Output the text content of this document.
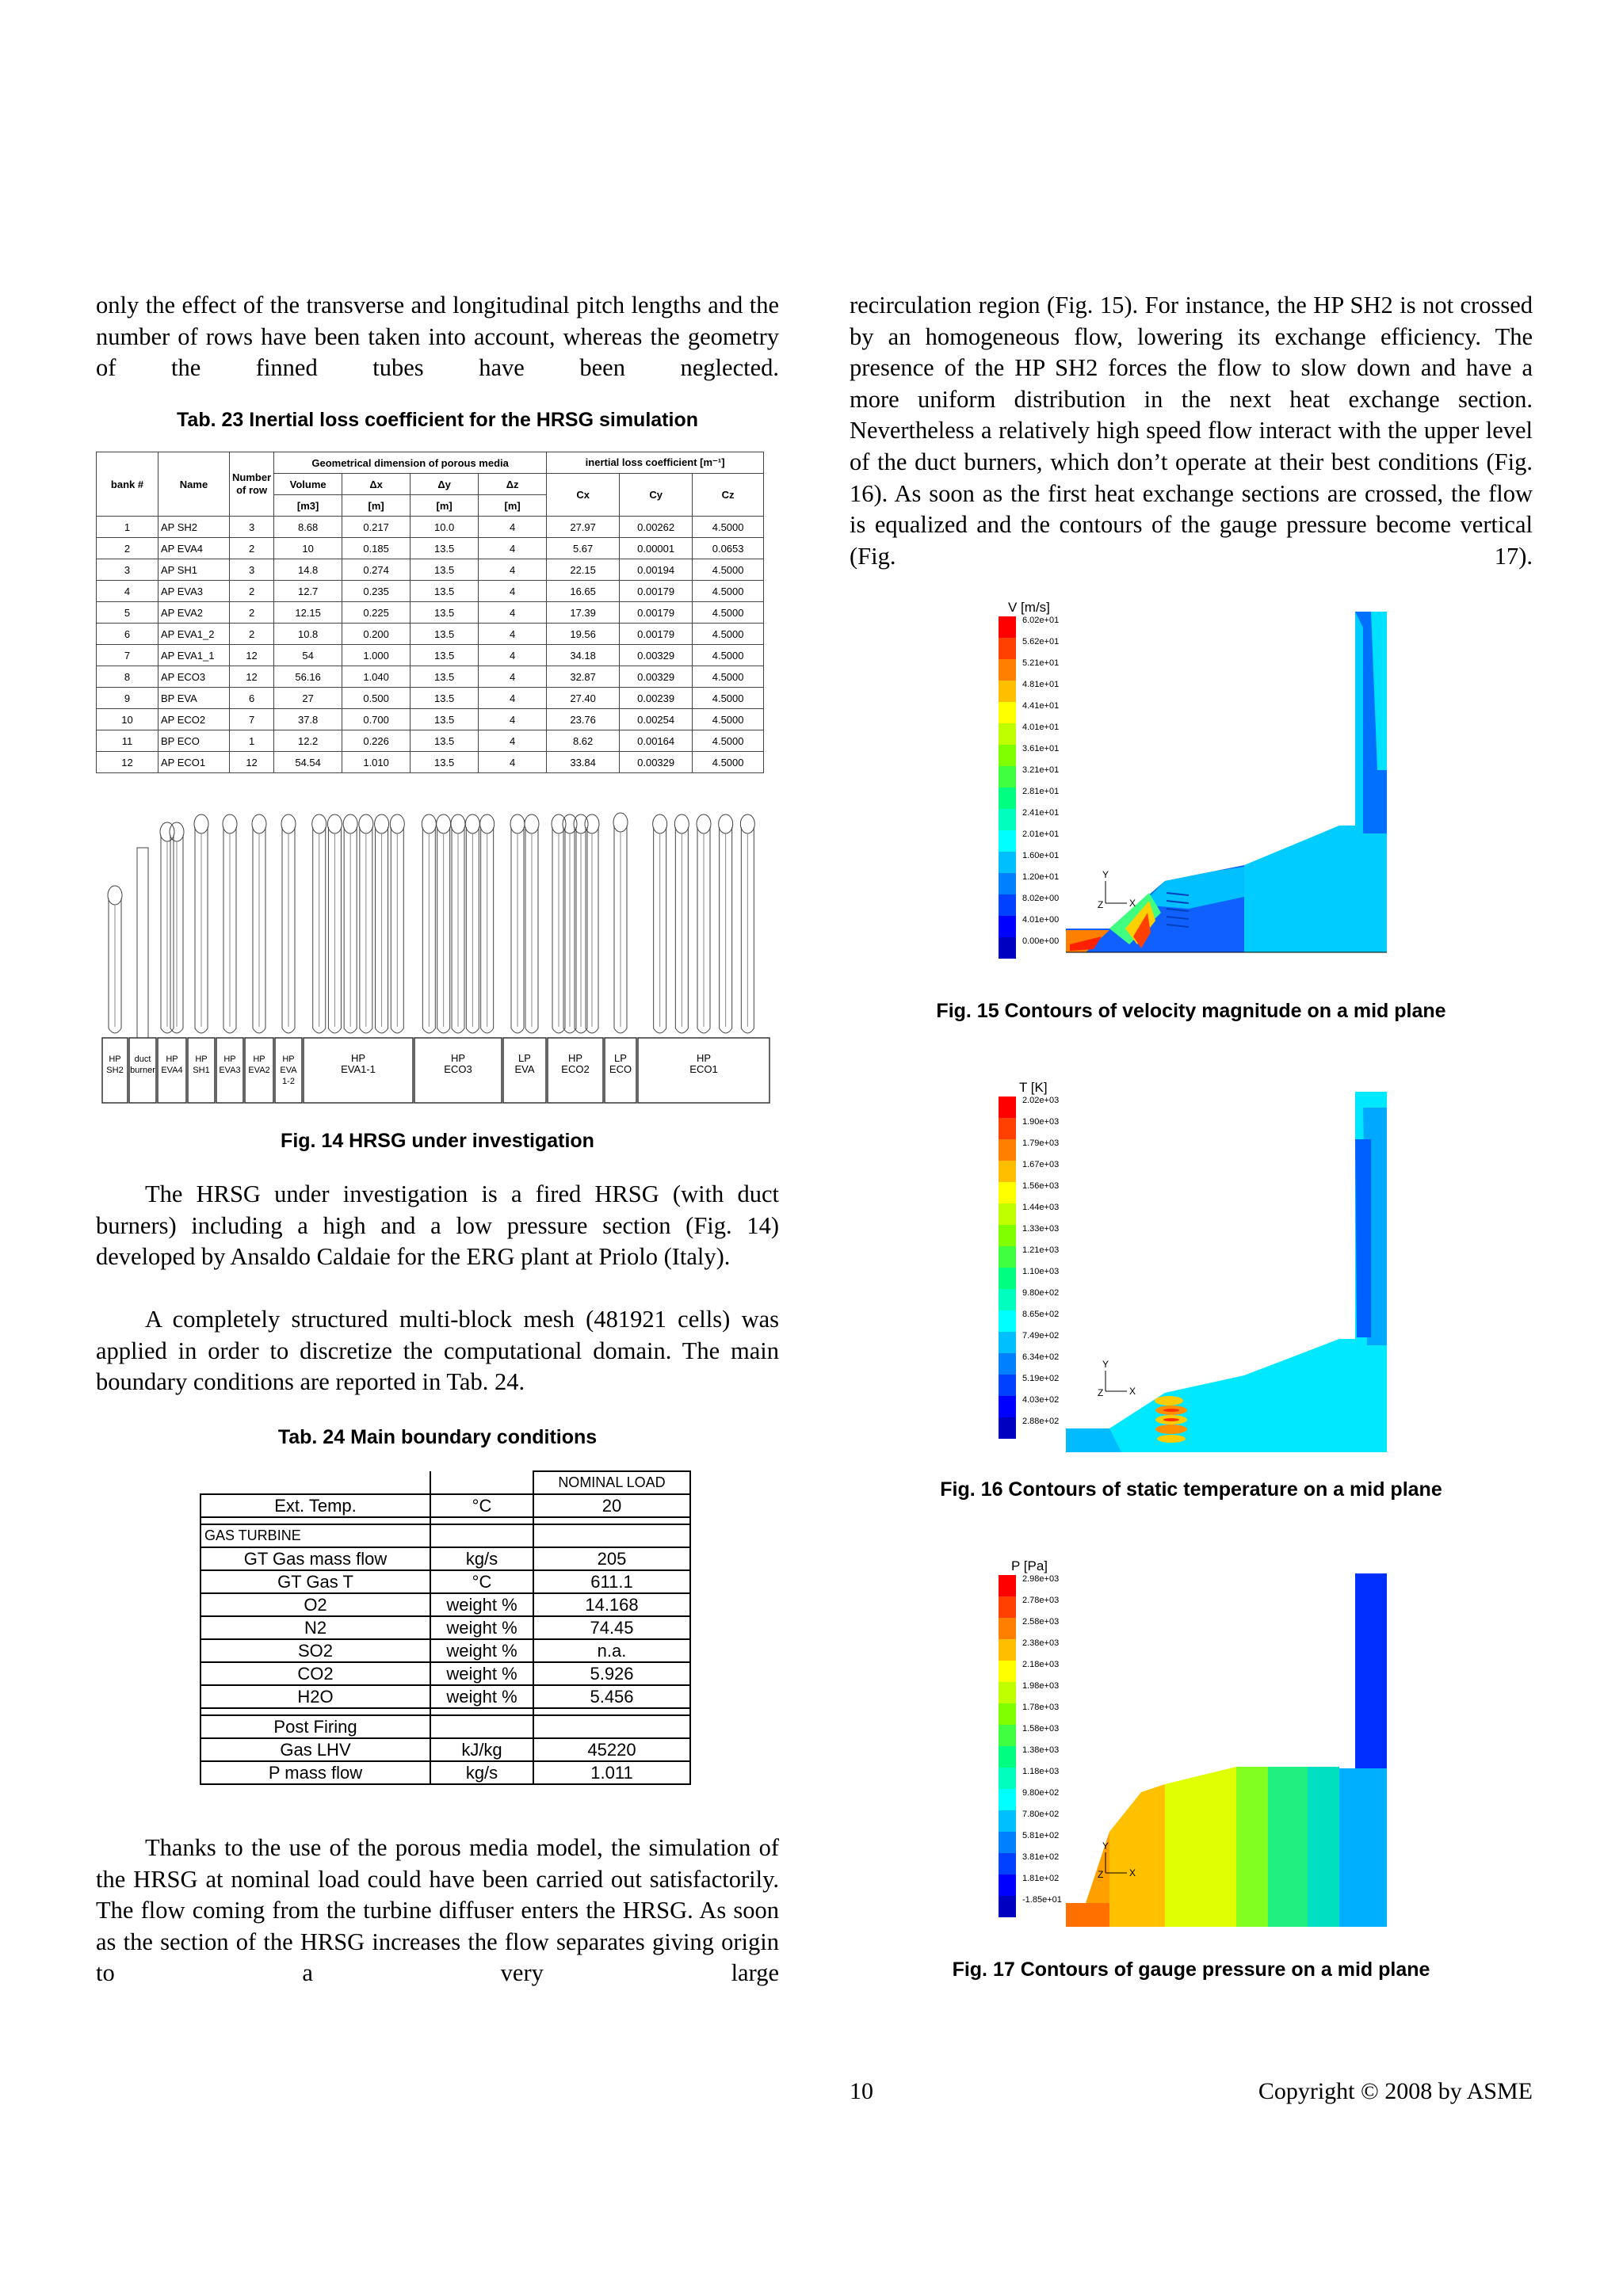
only the effect of the transverse and longitudinal pitch lengths and the number of rows have been taken into account, whereas the geometry of the finned tubes have been neglected.

Tab. 23 Inertial loss coefficient for the HRSG simulation
bank #	Name	Number of row	Geometrical dimension of porous media				inertial loss coefficient [m⁻¹]		
			Volume	Δx	Δy	Δz	Cx	Cy	Cz
			[m3]	[m]	[m]	[m]			
1	AP SH2	3	8.68	0.217	10.0	4	27.97	0.00262	4.5000
2	AP EVA4	2	10	0.185	13.5	4	5.67	0.00001	0.0653
3	AP SH1	3	14.8	0.274	13.5	4	22.15	0.00194	4.5000
4	AP EVA3	2	12.7	0.235	13.5	4	16.65	0.00179	4.5000
5	AP EVA2	2	12.15	0.225	13.5	4	17.39	0.00179	4.5000
6	AP EVA1_2	2	10.8	0.200	13.5	4	19.56	0.00179	4.5000
7	AP EVA1_1	12	54	1.000	13.5	4	34.18	0.00329	4.5000
8	AP ECO3	12	56.16	1.040	13.5	4	32.87	0.00329	4.5000
9	BP EVA	6	27	0.500	13.5	4	27.40	0.00239	4.5000
10	AP ECO2	7	37.8	0.700	13.5	4	23.76	0.00254	4.5000
11	BP ECO	1	12.2	0.226	13.5	4	8.62	0.00164	4.5000
12	AP ECO1	12	54.54	1.010	13.5	4	33.84	0.00329	4.5000
HP SH2
duct burner
HP EVA4
HP SH1
HP EVA3
HP EVA2
HP EVA 1-2
HP EVA1-1
HP ECO3
LP EVA
HP ECO2
LP ECO
HP ECO1
Fig. 14 HRSG under investigation

The HRSG under investigation is a fired HRSG (with duct burners) including a high and a low pressure section (Fig. 14) developed by Ansaldo Caldaie for the ERG plant at Priolo (Italy).

A completely structured multi-block mesh (481921 cells) was applied in order to discretize the computational domain. The main boundary conditions are reported in Tab. 24.

Tab. 24 Main boundary conditions
		NOMINAL LOAD
Ext. Temp.	°C	20

GAS TURBINE		
GT Gas mass flow	kg/s	205
GT Gas T	°C	611.1
O2	weight %	14.168
N2	weight %	74.45
SO2	weight %	n.a.
CO2	weight %	5.926
H2O	weight %	5.456

Post Firing		
Gas LHV	kJ/kg	45220
P mass flow	kg/s	1.011

Thanks to the use of the porous media model, the simulation of the HRSG at nominal load could have been carried out satisfactorily. The flow coming from the turbine diffuser enters the HRSG. As soon as the section of the HRSG increases the flow separates giving origin to a very large

recirculation region (Fig. 15). For instance, the HP SH2 is not crossed by an homogeneous flow, lowering its exchange efficiency. The presence of the HP SH2 forces the flow to slow down and have a more uniform distribution in the next heat exchange section. Nevertheless a relatively high speed flow interact with the upper level of the duct burners, which don’t operate at their best conditions (Fig. 16). As soon as the first heat exchange sections are crossed, the flow is equalized and the contours of the gauge pressure become vertical (Fig. 17).

V [m/s]
6.02e+01
5.62e+01
5.21e+01
4.81e+01
4.41e+01
4.01e+01
3.61e+01
3.21e+01
2.81e+01
2.41e+01
2.01e+01
1.60e+01
1.20e+01
8.02e+00
4.01e+00
0.00e+00
Y
Z	X
Fig. 15 Contours of velocity magnitude on a mid plane
T [K]
2.02e+03
1.90e+03
1.79e+03
1.67e+03
1.56e+03
1.44e+03
1.33e+03
1.21e+03
1.10e+03
9.80e+02
8.65e+02
7.49e+02
6.34e+02
5.19e+02
4.03e+02
2.88e+02
Y
Z	X
Fig. 16 Contours of static temperature on a mid plane
P [Pa]
2.98e+03
2.78e+03
2.58e+03
2.38e+03
2.18e+03
1.98e+03
1.78e+03
1.58e+03
1.38e+03
1.18e+03
9.80e+02
7.80e+02
5.81e+02
3.81e+02
1.81e+02
-1.85e+01
Y
Z	X
Fig. 17 Contours of gauge pressure on a mid plane
10	Copyright © 2008 by ASME
